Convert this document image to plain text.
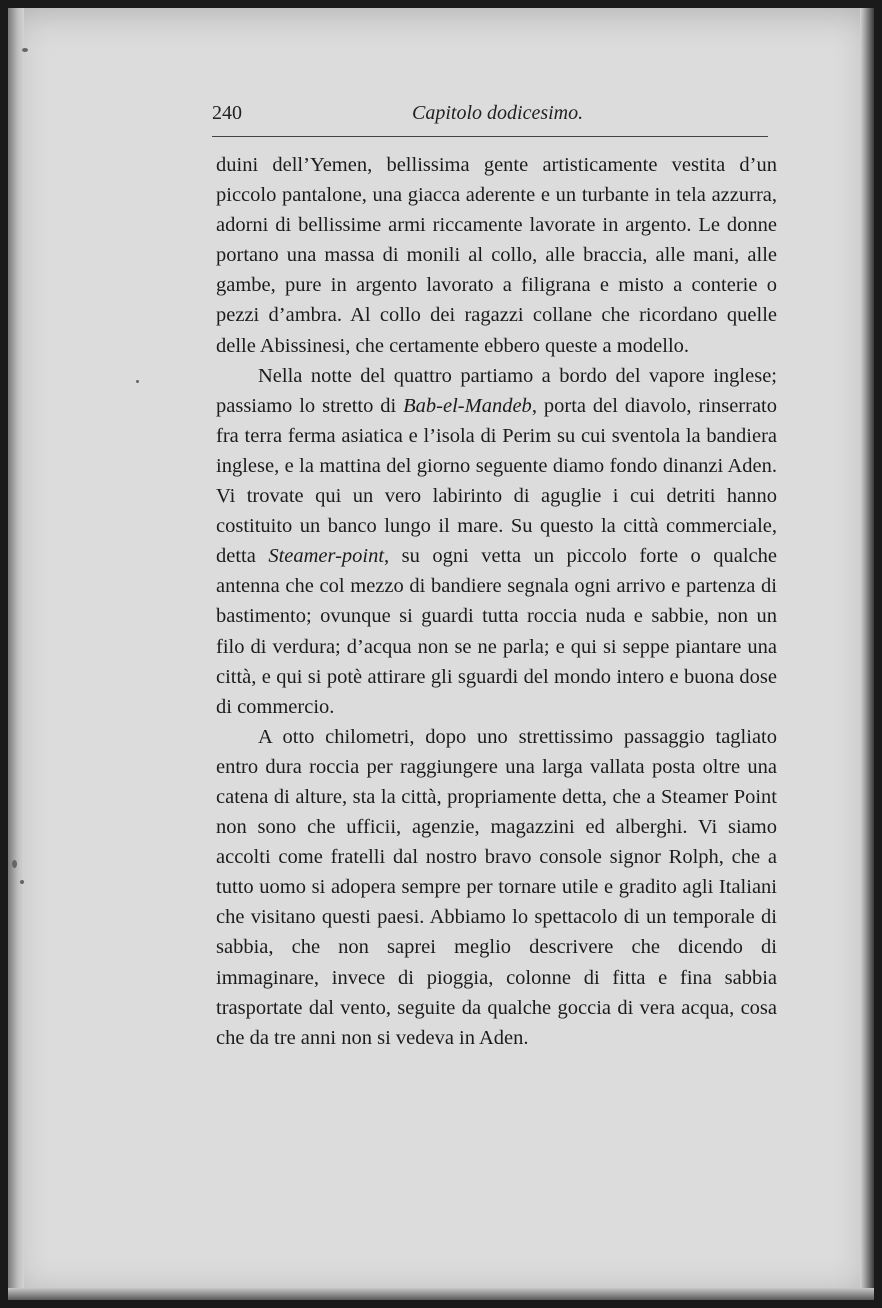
240	Capitolo dodicesimo.

duini dell’Yemen, bellissima gente artisticamente vestita d’un piccolo pantalone, una giacca aderente e un turbante in tela azzurra, adorni di bellissime armi riccamente lavorate in argento. Le donne portano una massa di monili al collo, alle braccia, alle mani, alle gambe, pure in argento lavorato a filigrana e misto a conterie o pezzi d’ambra. Al collo dei ragazzi collane che ricordano quelle delle Abissinesi, che certamente ebbero queste a modello.

Nella notte del quattro partiamo a bordo del vapore inglese; passiamo lo stretto di Bab-el-Mandeb, porta del diavolo, rinserrato fra terra ferma asiatica e l’isola di Perim su cui sventola la bandiera inglese, e la mattina del giorno seguente diamo fondo dinanzi Aden. Vi trovate qui un vero labirinto di aguglie i cui detriti hanno costituito un banco lungo il mare. Su questo la città commerciale, detta Steamer-point, su ogni vetta un piccolo forte o qualche antenna che col mezzo di bandiere segnala ogni arrivo e partenza di bastimento; ovunque si guardi tutta roccia nuda e sabbie, non un filo di verdura; d’acqua non se ne parla; e qui si seppe piantare una città, e qui si potè attirare gli sguardi del mondo intero e buona dose di commercio.

A otto chilometri, dopo uno strettissimo passaggio tagliato entro dura roccia per raggiungere una larga vallata posta oltre una catena di alture, sta la città, propriamente detta, che a Steamer Point non sono che ufficii, agenzie, magazzini ed alberghi. Vi siamo accolti come fratelli dal nostro bravo console signor Rolph, che a tutto uomo si adopera sempre per tornare utile e gradito agli Italiani che visitano questi paesi. Abbiamo lo spettacolo di un temporale di sabbia, che non saprei meglio descrivere che dicendo di immaginare, invece di pioggia, colonne di fitta e fina sabbia trasportate dal vento, seguite da qualche goccia di vera acqua, cosa che da tre anni non si vedeva in Aden.
